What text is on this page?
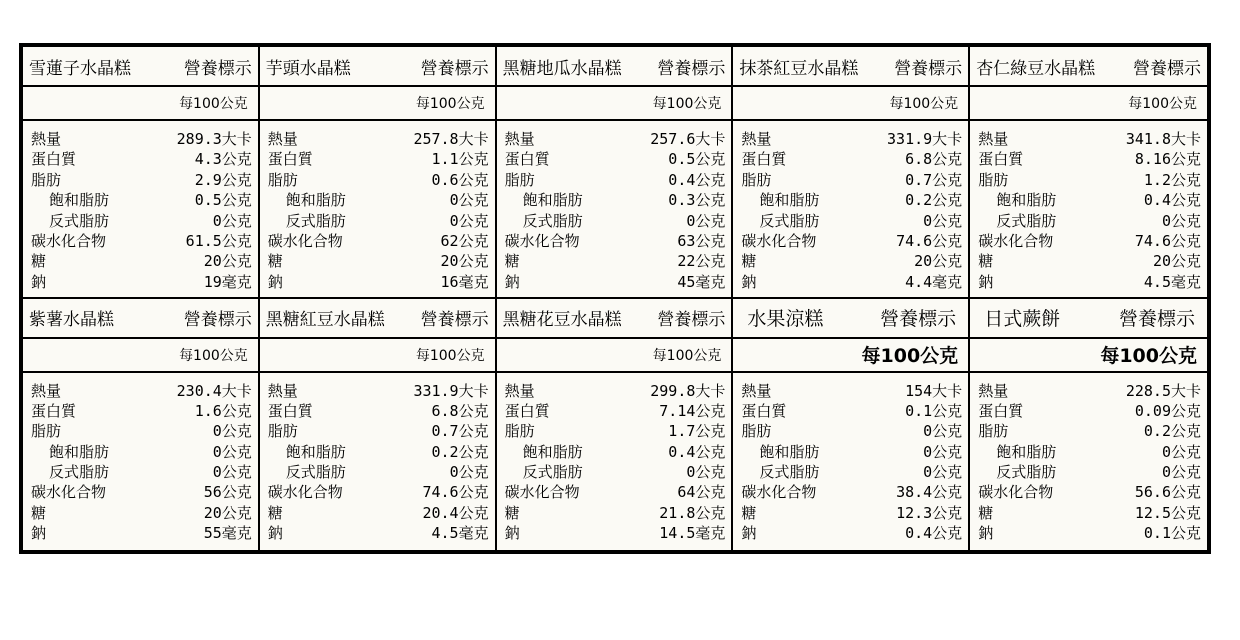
雪蓮子水晶糕	營養標示
每100公克
熱量	289.3大卡
蛋白質	4.3公克
脂肪	2.9公克
飽和脂肪	0.5公克
反式脂肪	0公克
碳水化合物	61.5公克
糖	20公克
鈉	19毫克
芋頭水晶糕	營養標示
每100公克
熱量	257.8大卡
蛋白質	1.1公克
脂肪	0.6公克
飽和脂肪	0公克
反式脂肪	0公克
碳水化合物	62公克
糖	20公克
鈉	16毫克
黑糖地瓜水晶糕 營養標示
每100公克
熱量	257.6大卡
蛋白質	0.5公克
脂肪	0.4公克
飽和脂肪	0.3公克
反式脂肪	0公克
碳水化合物	63公克
糖	22公克
鈉	45毫克
抹茶紅豆水晶糕 營養標示
每100公克
熱量	331.9大卡
蛋白質	6.8公克
脂肪	0.7公克
飽和脂肪	0.2公克
反式脂肪	0公克
碳水化合物	74.6公克
糖	20公克
鈉	4.4毫克
杏仁綠豆水晶糕 營養標示
每100公克
熱量	341.8大卡
蛋白質	8.16公克
脂肪	1.2公克
飽和脂肪	0.4公克
反式脂肪	0公克
碳水化合物	74.6公克
糖	20公克
鈉	4.5毫克
紫薯水晶糕	營養標示
每100公克
熱量	230.4大卡
蛋白質	1.6公克
脂肪	0公克
飽和脂肪	0公克
反式脂肪	0公克
碳水化合物	56公克
糖	20公克
鈉	55毫克
黑糖紅豆水晶糕 營養標示
每100公克
熱量	331.9大卡
蛋白質	6.8公克
脂肪	0.7公克
飽和脂肪	0.2公克
反式脂肪	0公克
碳水化合物	74.6公克
糖	20.4公克
鈉	4.5毫克
黑糖花豆水晶糕 營養標示
每100公克
熱量	299.8大卡
蛋白質	7.14公克
脂肪	1.7公克
飽和脂肪	0.4公克
反式脂肪	0公克
碳水化合物	64公克
糖	21.8公克
鈉	14.5毫克
水果涼糕	營養標示
每100公克
熱量	154大卡
蛋白質	0.1公克
脂肪	0公克
飽和脂肪	0公克
反式脂肪	0公克
碳水化合物	38.4公克
糖	12.3公克
鈉	0.4公克
日式蕨餅	營養標示
每100公克
熱量	228.5大卡
蛋白質	0.09公克
脂肪	0.2公克
飽和脂肪	0公克
反式脂肪	0公克
碳水化合物	56.6公克
糖	12.5公克
鈉	0.1公克
